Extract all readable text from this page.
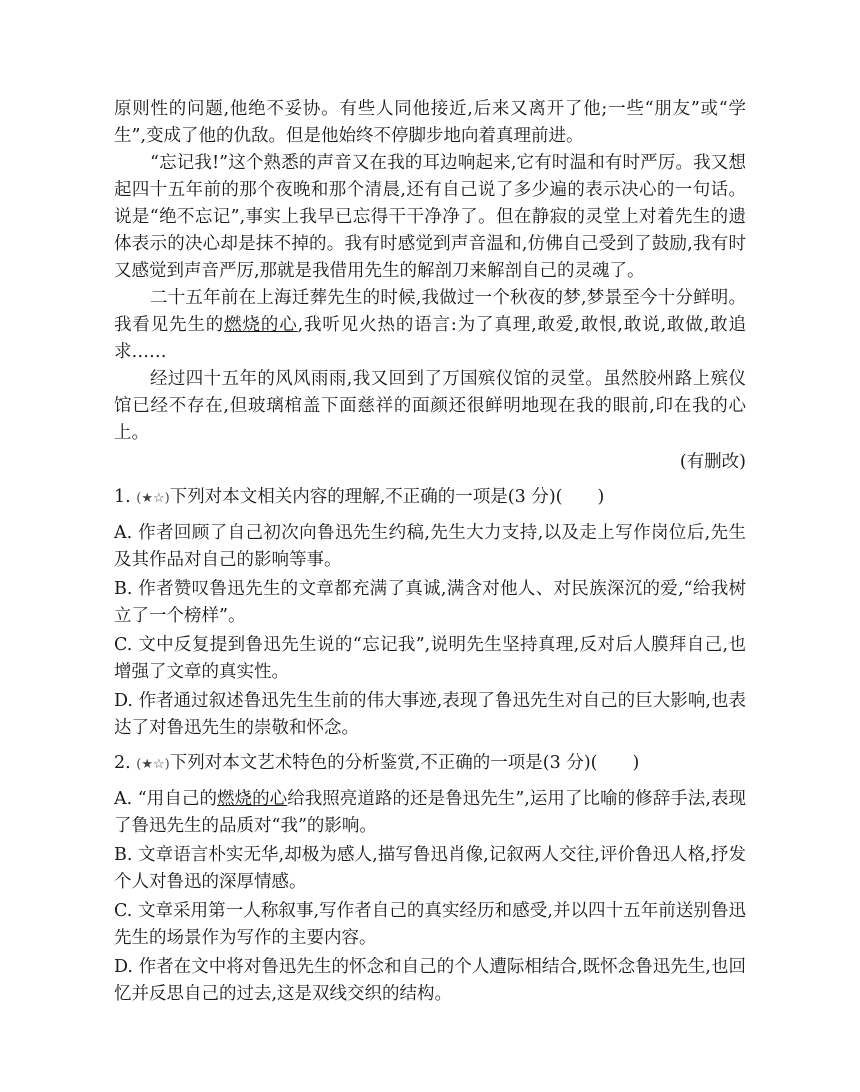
原则性的问题,他绝不妥协。有些人同他接近,后来又离开了他;一些“朋友”或“学生”,变成了他的仇敌。但是他始终不停脚步地向着真理前进。

“忘记我!”这个熟悉的声音又在我的耳边响起来,它有时温和有时严厉。我又想起四十五年前的那个夜晚和那个清晨,还有自己说了多少遍的表示决心的一句话。说是“绝不忘记”,事实上我早已忘得干干净净了。但在静寂的灵堂上对着先生的遗体表示的决心却是抹不掉的。我有时感觉到声音温和,仿佛自己受到了鼓励,我有时又感觉到声音严厉,那就是我借用先生的解剖刀来解剖自己的灵魂了。

二十五年前在上海迁葬先生的时候,我做过一个秋夜的梦,梦景至今十分鲜明。我看见先生的燃烧的心,我听见火热的语言:为了真理,敢爱,敢恨,敢说,敢做,敢追求……

经过四十五年的风风雨雨,我又回到了万国殡仪馆的灵堂。虽然胶州路上殡仪馆已经不存在,但玻璃棺盖下面慈祥的面颜还很鲜明地现在我的眼前,印在我的心上。

(有删改)
1. (★☆)下列对本文相关内容的理解,不正确的一项是(3 分)(　　)

A. 作者回顾了自己初次向鲁迅先生约稿,先生大力支持,以及走上写作岗位后,先生及其作品对自己的影响等事。

B. 作者赞叹鲁迅先生的文章都充满了真诚,满含对他人、对民族深沉的爱,“给我树立了一个榜样”。

C. 文中反复提到鲁迅先生说的“忘记我”,说明先生坚持真理,反对后人膜拜自己,也增强了文章的真实性。

D. 作者通过叙述鲁迅先生生前的伟大事迹,表现了鲁迅先生对自己的巨大影响,也表达了对鲁迅先生的崇敬和怀念。

2. (★☆)下列对本文艺术特色的分析鉴赏,不正确的一项是(3 分)(　　)

A. “用自己的燃烧的心给我照亮道路的还是鲁迅先生”,运用了比喻的修辞手法,表现了鲁迅先生的品质对“我”的影响。

B. 文章语言朴实无华,却极为感人,描写鲁迅肖像,记叙两人交往,评价鲁迅人格,抒发个人对鲁迅的深厚情感。

C. 文章采用第一人称叙事,写作者自己的真实经历和感受,并以四十五年前送别鲁迅先生的场景作为写作的主要内容。

D. 作者在文中将对鲁迅先生的怀念和自己的个人遭际相结合,既怀念鲁迅先生,也回忆并反思自己的过去,这是双线交织的结构。
